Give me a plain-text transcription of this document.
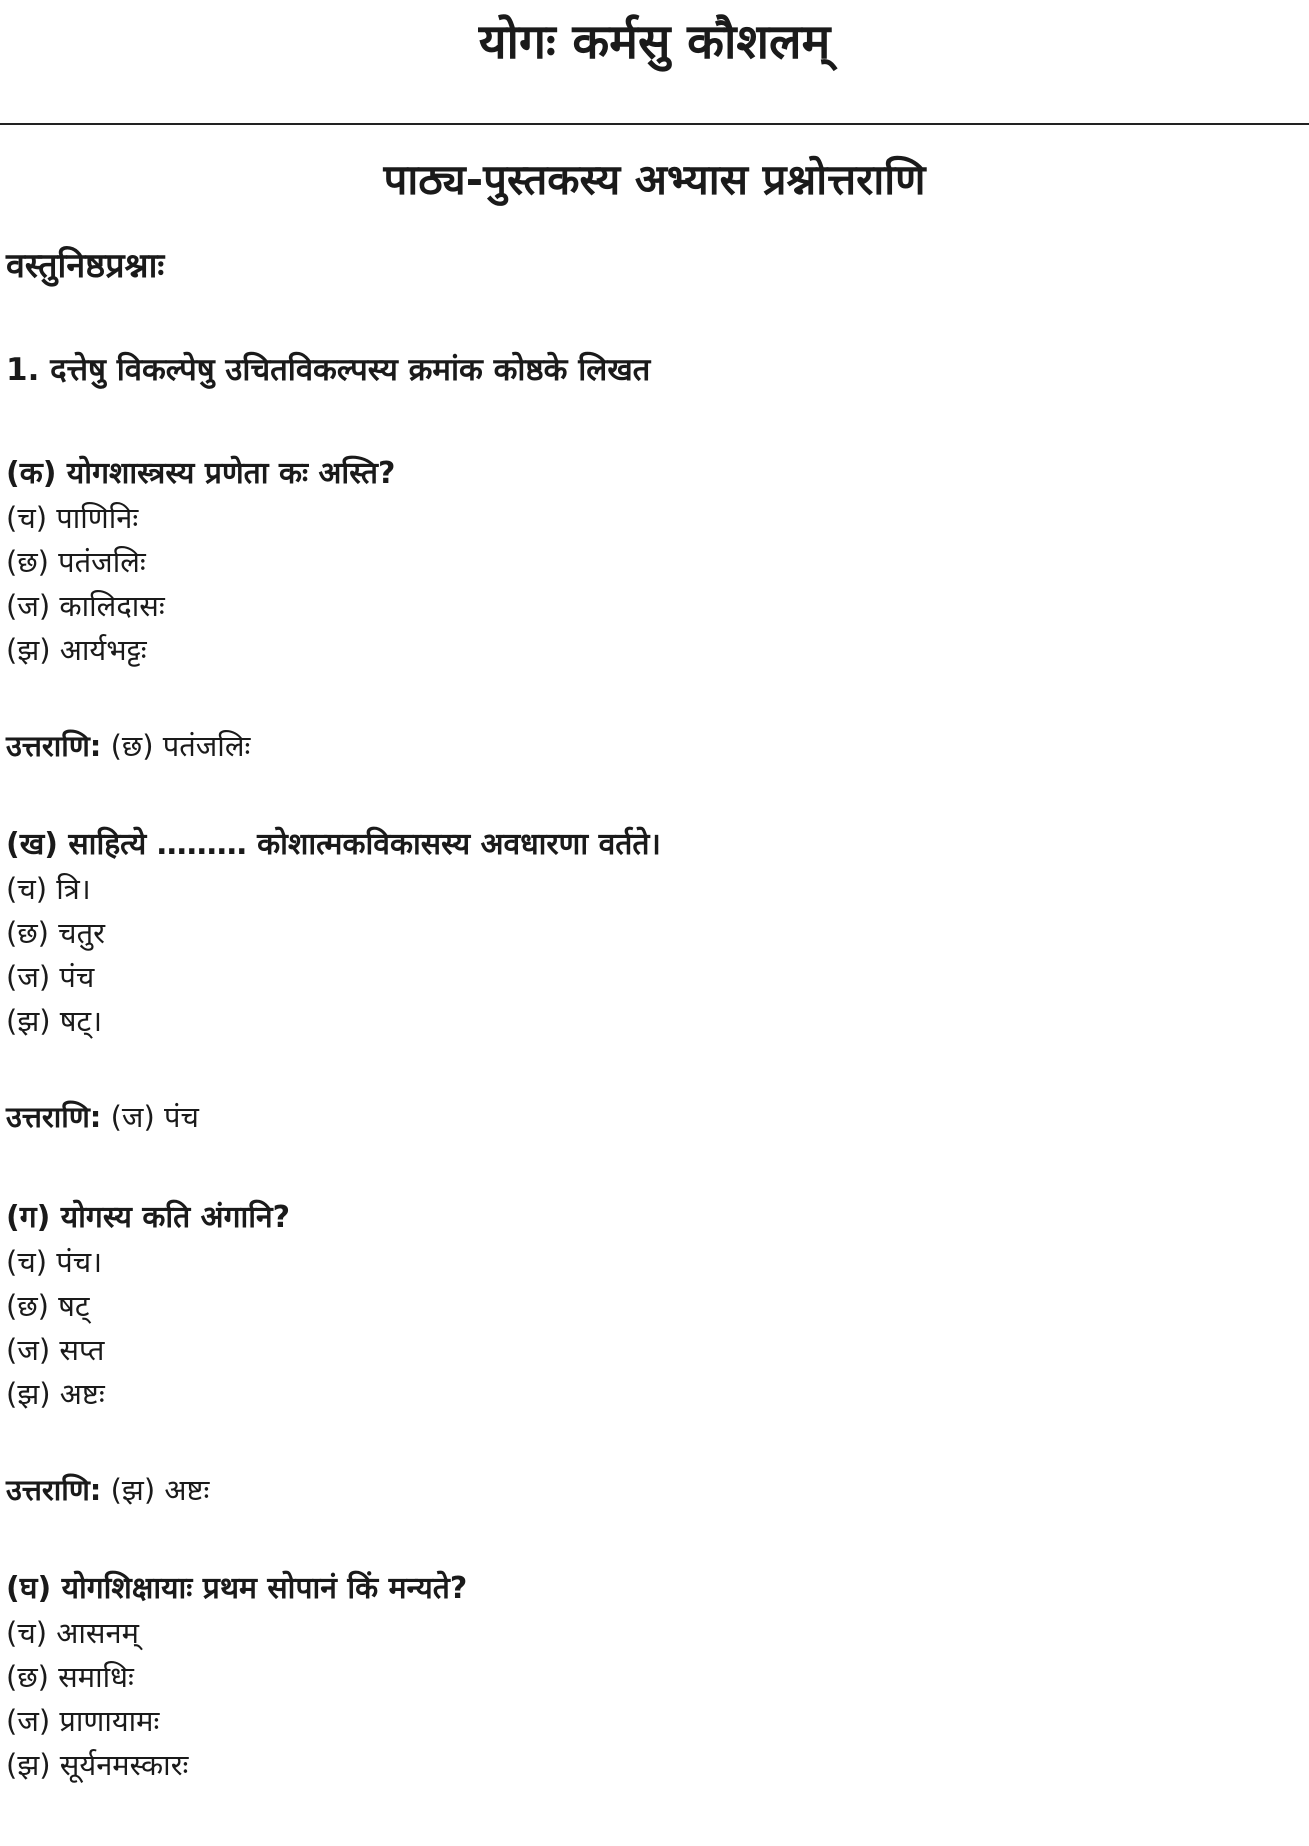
योगः कर्मसु कौशलम्
पाठ्य-पुस्तकस्य अभ्यास प्रश्नोत्तराणि
वस्तुनिष्ठप्रश्नाः

1. दत्तेषु विकल्पेषु उचितविकल्पस्य क्रमांक कोष्ठके लिखत

(क) योगशास्त्रस्य प्रणेता कः अस्ति?

(च) पाणिनिः

(छ) पतंजलिः

(ज) कालिदासः

(झ) आर्यभट्टः

उत्तराणि: (छ) पतंजलिः

(ख) साहित्ये ……… कोशात्मकविकासस्य अवधारणा वर्तते।

(च) त्रि।

(छ) चतुर

(ज) पंच

(झ) षट्।

उत्तराणि: (ज) पंच

(ग) योगस्य कति अंगानि?

(च) पंच।

(छ) षट्

(ज) सप्त

(झ) अष्टः

उत्तराणि: (झ) अष्टः

(घ) योगशिक्षायाः प्रथम सोपानं किं मन्यते?

(च) आसनम्

(छ) समाधिः

(ज) प्राणायामः

(झ) सूर्यनमस्कारः
